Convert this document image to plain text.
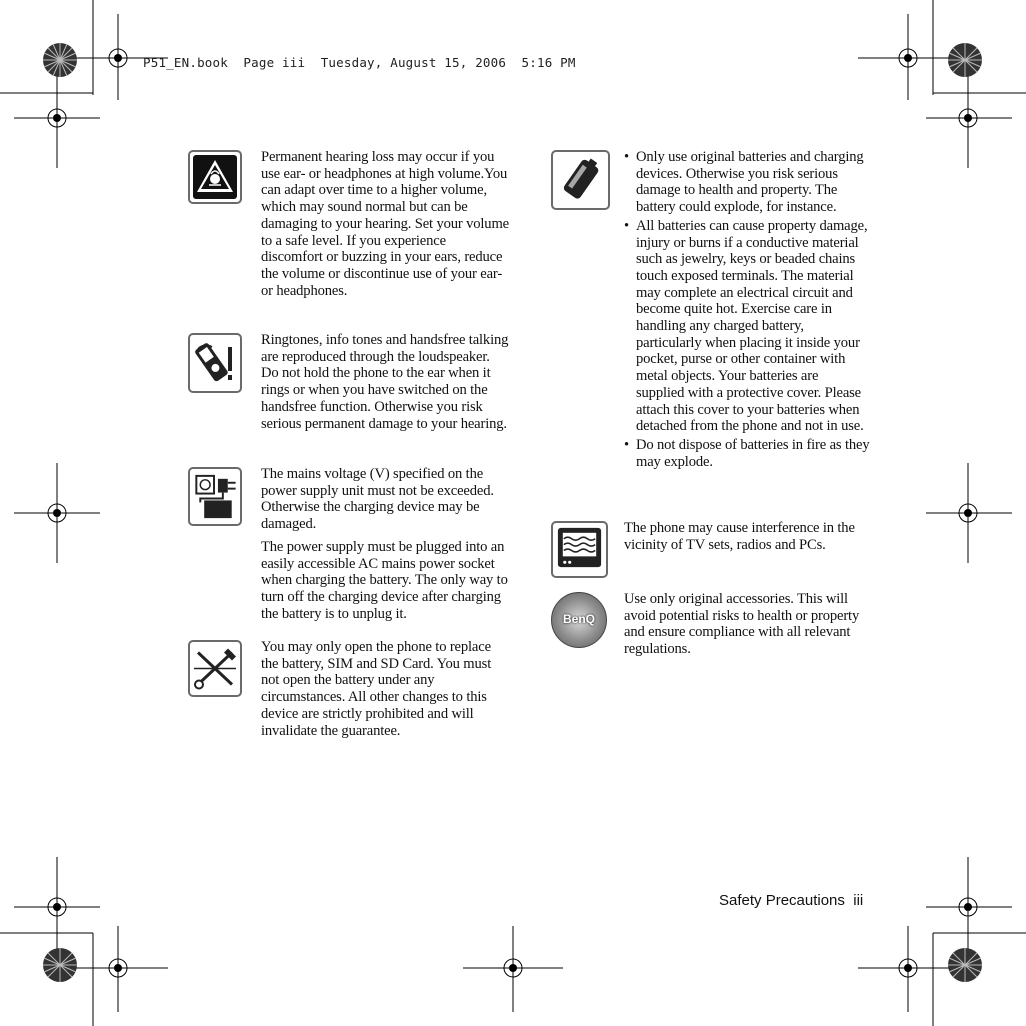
P51_EN.book  Page iii  Tuesday, August 15, 2006  5:16 PM

Permanent hearing loss may occur if you use ear- or headphones at high volume.You can adapt over time to a higher volume, which may sound normal but can be damaging to your hearing. Set your volume to a safe level. If you experience discomfort or buzzing in your ears, reduce the volume or discontinue use of your ear- or headphones.

Ringtones, info tones and handsfree talking are reproduced through the loudspeaker. Do not hold the phone to the ear when it rings or when you have switched on the handsfree function. Otherwise you risk serious permanent damage to your hearing.

The mains voltage (V) specified on the power supply unit must not be exceeded. Otherwise the charging device may be damaged.

The power supply must be plugged into an easily accessible AC mains power socket when charging the battery. The only way to turn off the charging device after charging the battery is to unplug it.

You may only open the phone to replace the battery, SIM and SD Card. You must not open the battery under any circumstances. All other changes to this device are strictly prohibited and will invalidate the guarantee.

• Only use original batteries and charging devices. Otherwise you risk serious damage to health and property. The battery could explode, for instance.
• All batteries can cause property damage, injury or burns if a conductive material such as jewelry, keys or beaded chains touch exposed terminals. The material may complete an electrical circuit and become quite hot. Exercise care in handling any charged battery, particularly when placing it inside your pocket, purse or other container with metal objects. Your batteries are supplied with a protective cover. Please attach this cover to your batteries when detached from the phone and not in use.
• Do not dispose of batteries in fire as they may explode.

The phone may cause interference in the vicinity of TV sets, radios and PCs.

BenQ

Use only original accessories. This will avoid potential risks to health or property and ensure compliance with all relevant regulations.

Safety Precautions iii
